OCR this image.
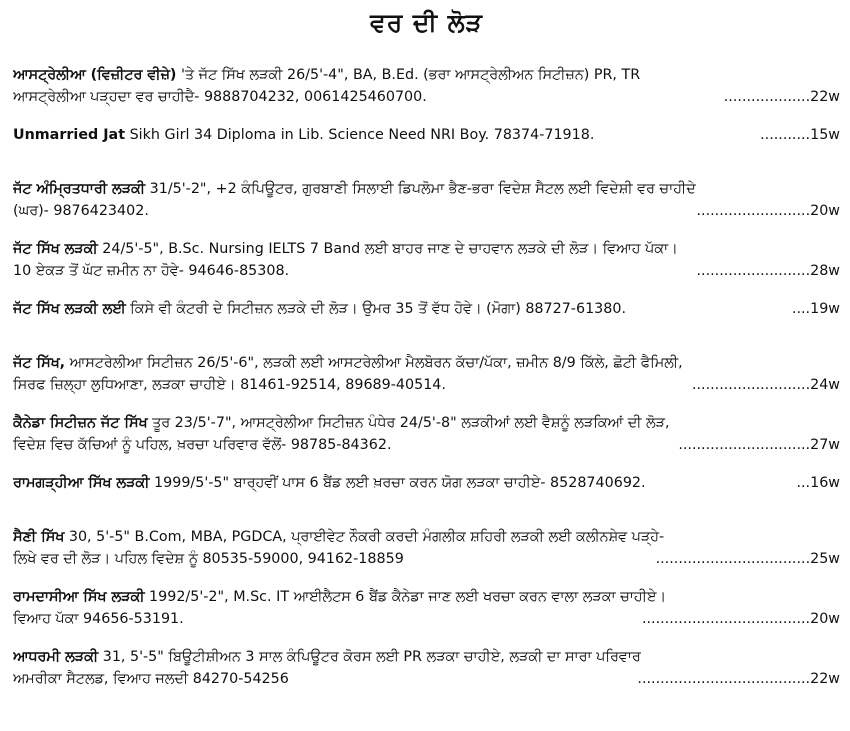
ਵਰ ਦੀ ਲੋੜ
ਆਸਟ੍ਰੇਲੀਆ (ਵਿਜ਼ੀਟਰ ਵੀਜ਼ੇ) 'ਤੇ ਜੱਟ ਸਿੱਖ ਲੜਕੀ 26/5'-4", BA, B.Ed. (ਭਰਾ ਆਸਟ੍ਰੇਲੀਅਨ ਸਿਟੀਜ਼ਨ) PR, TR
ਆਸਟ੍ਰੇਲੀਆ ਪੜ੍ਹਦਾ ਵਰ ਚਾਹੀਦੈ- 9888704232, 0061425460700.	...................22w
Unmarried Jat Sikh Girl 34 Diploma in Lib. Science Need NRI Boy. 78374-71918.	...........15w
ਜੱਟ ਅੰਮ੍ਰਿਤਧਾਰੀ ਲੜਕੀ 31/5'-2", +2 ਕੰਪਿਊਟਰ, ਗੁਰਬਾਣੀ ਸਿਲਾਈ ਡਿਪਲੋਮਾ ਭੈਣ-ਭਰਾ ਵਿਦੇਸ਼ ਸੈਟਲ ਲਈ ਵਿਦੇਸ਼ੀ ਵਰ ਚਾਹੀਦੇ
(ਘਰ)- 9876423402.	.........................20w
ਜੱਟ ਸਿੱਖ ਲੜਕੀ 24/5'-5", B.Sc. Nursing IELTS 7 Band ਲਈ ਬਾਹਰ ਜਾਣ ਦੇ ਚਾਹਵਾਨ ਲੜਕੇ ਦੀ ਲੋੜ। ਵਿਆਹ ਪੱਕਾ।
10 ਏਕੜ ਤੋਂ ਘੱਟ ਜ਼ਮੀਨ ਨਾ ਹੋਵੇ- 94646-85308.	.........................28w
ਜੱਟ ਸਿੱਖ ਲੜਕੀ ਲਈ ਕਿਸੇ ਵੀ ਕੰਟਰੀ ਦੇ ਸਿਟੀਜ਼ਨ ਲੜਕੇ ਦੀ ਲੋੜ। ਉਮਰ 35 ਤੋਂ ਵੱਧ ਹੋਵੇ। (ਮੋਗਾ) 88727-61380.	....19w
ਜੱਟ ਸਿੱਖ, ਆਸਟਰੇਲੀਆ ਸਿਟੀਜ਼ਨ 26/5'-6", ਲੜਕੀ ਲਈ ਆਸਟਰੇਲੀਆ ਮੈਲਬੋਰਨ ਕੱਚਾ/ਪੱਕਾ, ਜ਼ਮੀਨ 8/9 ਕਿੱਲੇ, ਛੋਟੀ ਫੈਮਿਲੀ,
ਸਿਰਫ ਜ਼ਿਲ੍ਹਾ ਲੁਧਿਆਣਾ, ਲੜਕਾ ਚਾਹੀਏ। 81461-92514, 89689-40514.	..........................24w
ਕੈਨੇਡਾ ਸਿਟੀਜ਼ਨ ਜੱਟ ਸਿੱਖ ਤੂਰ 23/5'-7", ਆਸਟ੍ਰੇਲੀਆ ਸਿਟੀਜ਼ਨ ਪੰਧੇਰ 24/5'-8" ਲੜਕੀਆਂ ਲਈ ਵੈਸ਼ਨੂੰ ਲੜਕਿਆਂ ਦੀ ਲੋੜ,
ਵਿਦੇਸ਼ ਵਿਚ ਕੱਚਿਆਂ ਨੂੰ ਪਹਿਲ, ਖ਼ਰਚਾ ਪਰਿਵਾਰ ਵੱਲੋਂ- 98785-84362.	.............................27w
ਰਾਮਗੜ੍ਹੀਆ ਸਿੱਖ ਲੜਕੀ 1999/5'-5" ਬਾਰ੍ਹਵੀਂ ਪਾਸ 6 ਬੈਂਡ ਲਈ ਖ਼ਰਚਾ ਕਰਨ ਯੋਗ ਲੜਕਾ ਚਾਹੀਏ- 8528740692.	...16w
ਸੈਣੀ ਸਿੱਖ 30, 5'-5" B.Com, MBA, PGDCA, ਪ੍ਰਾਈਵੇਟ ਨੌਕਰੀ ਕਰਦੀ ਮੰਗਲੀਕ ਸ਼ਹਿਰੀ ਲੜਕੀ ਲਈ ਕਲੀਨਸ਼ੇਵ ਪੜ੍ਹੇ-
ਲਿਖੇ ਵਰ ਦੀ ਲੋੜ। ਪਹਿਲ ਵਿਦੇਸ਼ ਨੂੰ 80535-59000, 94162-18859	..................................25w
ਰਾਮਦਾਸੀਆ ਸਿੱਖ ਲੜਕੀ 1992/5'-2", M.Sc. IT ਆਈਲੈਟਸ 6 ਬੈਂਡ ਕੈਨੇਡਾ ਜਾਣ ਲਈ ਖਰਚਾ ਕਰਨ ਵਾਲਾ ਲੜਕਾ ਚਾਹੀਏ।
ਵਿਆਹ ਪੱਕਾ 94656-53191.	.....................................20w
ਆਧਰਮੀ ਲੜਕੀ 31, 5'-5" ਬਿਊਟੀਸ਼ੀਅਨ 3 ਸਾਲ ਕੰਪਿਊਟਰ ਕੋਰਸ ਲਈ PR ਲੜਕਾ ਚਾਹੀਏ, ਲੜਕੀ ਦਾ ਸਾਰਾ ਪਰਿਵਾਰ
ਅਮਰੀਕਾ ਸੈਟਲਡ, ਵਿਆਹ ਜਲਦੀ 84270-54256	......................................22w
